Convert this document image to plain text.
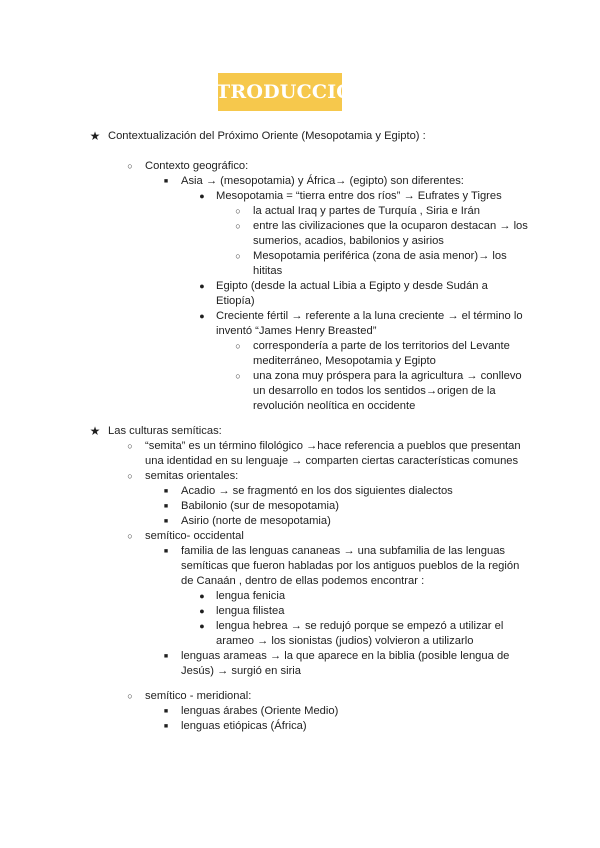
INTRODUCCIÓN
★ Contextualización del Próximo Oriente (Mesopotamia y Egipto) :
○ Contexto geográfico:
■	Asia → (mesopotamia) y África→ (egipto) son diferentes:
● Mesopotamia = “tierra entre dos ríos” → Eufrates y Tigres
○ la actual Iraq y partes de Turquía , Siria e Irán
○ entre las civilizaciones que la ocuparon destacan → los
sumerios, acadios, babilonios y asirios
○ Mesopotamia periférica (zona de asia menor)→ los
hititas
● Egipto (desde la actual Libia a Egipto y desde Sudán a
Etiopía)
● Creciente fértil → referente a la luna creciente → el término lo
inventó “James Henry Breasted”
○ correspondería a parte de los territorios del Levante
mediterráneo, Mesopotamia y Egipto
○ una zona muy próspera para la agricultura → conllevo
un desarrollo en todos los sentidos→origen de la
revolución neolítica en occidente
★ Las culturas semíticas:
○ “semita” es un término filológico →hace referencia a pueblos que presentan
una identidad en su lenguaje → comparten ciertas características comunes
○ semitas orientales:
■	Acadio → se fragmentó en los dos siguientes dialectos
■	Babilonio (sur de mesopotamia)
■	Asirio (norte de mesopotamia)
○ semítico- occidental
■	familia de las lenguas cananeas → una subfamilia de las lenguas
semíticas que fueron habladas por los antiguos pueblos de la región
de Canaán , dentro de ellas podemos encontrar :
● lengua fenicia
● lengua filistea
● lengua hebrea → se redujó porque se empezó a utilizar el
arameo → los sionistas (judios) volvieron a utilizarlo
■	lenguas arameas → la que aparece en la biblia (posible lengua de
Jesús) → surgió en siria
○ semítico - meridional:
■	lenguas árabes (Oriente Medio)
■	lenguas etiópicas (África)
